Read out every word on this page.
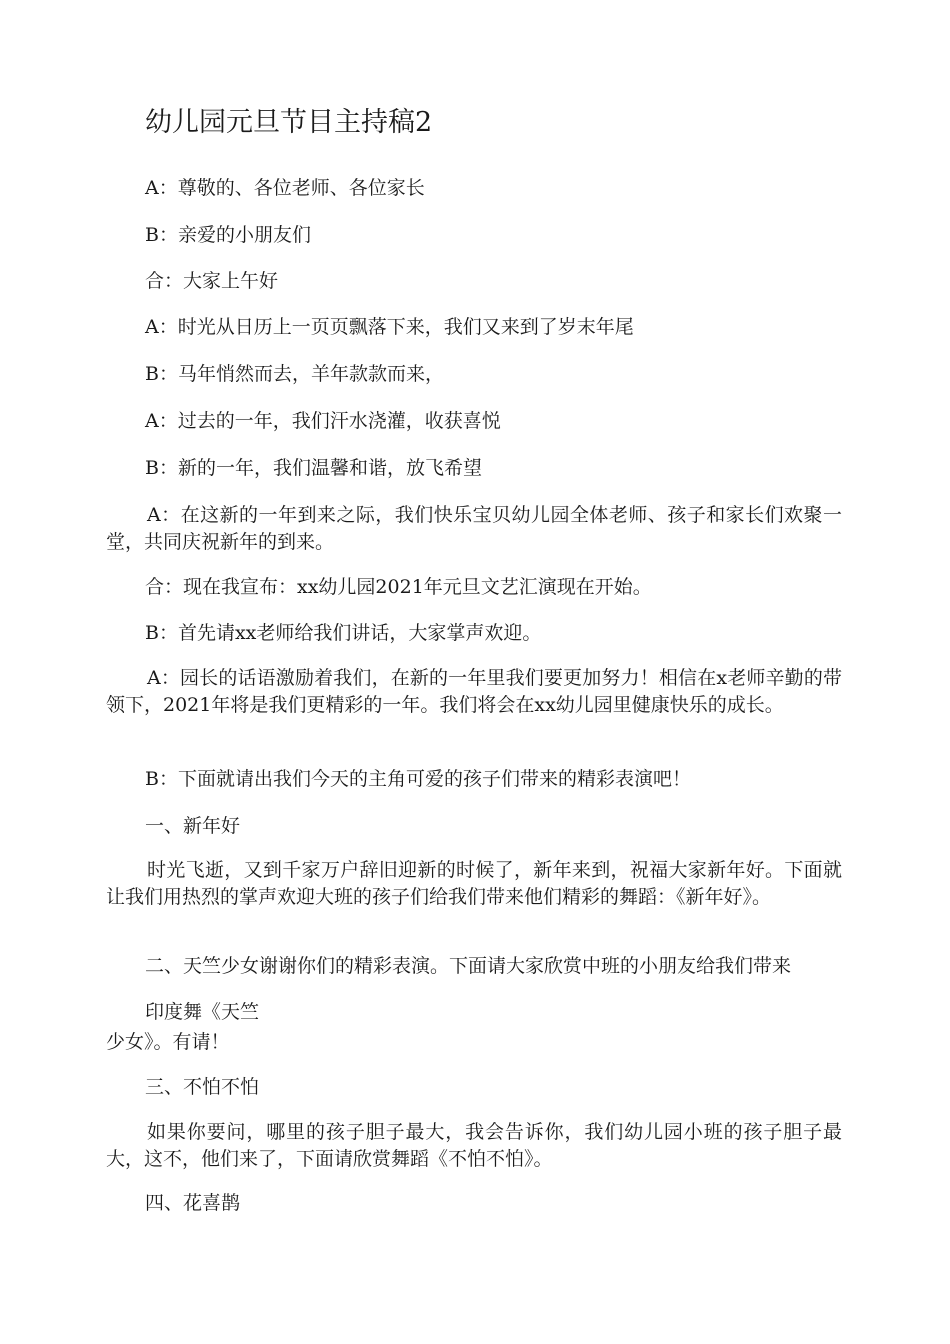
幼儿园元旦节目主持稿2

A：尊敬的、各位老师、各位家长

B：亲爱的小朋友们

合：大家上午好

A：时光从日历上一页页飘落下来，我们又来到了岁末年尾

B：马年悄然而去，羊年款款而来，

A：过去的一年，我们汗水浇灌，收获喜悦

B：新的一年，我们温馨和谐，放飞希望

A：在这新的一年到来之际，我们快乐宝贝幼儿园全体老师、孩子和家长们欢聚一堂，共同庆祝新年的到来。

合：现在我宣布：xx幼儿园2021年元旦文艺汇演现在开始。

B：首先请xx老师给我们讲话，大家掌声欢迎。

A：园长的话语激励着我们，在新的一年里我们要更加努力！相信在x老师辛勤的带领下，2021年将是我们更精彩的一年。我们将会在xx幼儿园里健康快乐的成长。

B：下面就请出我们今天的主角可爱的孩子们带来的精彩表演吧！

一、新年好

时光飞逝，又到千家万户辞旧迎新的时候了，新年来到，祝福大家新年好。下面就让我们用热烈的掌声欢迎大班的孩子们给我们带来他们精彩的舞蹈：《新年好》。

二、天竺少女谢谢你们的精彩表演。下面请大家欣赏中班的小朋友给我们带来

印度舞《天竺

少女》。有请！

三、不怕不怕

如果你要问，哪里的孩子胆子最大，我会告诉你，我们幼儿园小班的孩子胆子最大，这不，他们来了，下面请欣赏舞蹈《不怕不怕》。

四、花喜鹊
